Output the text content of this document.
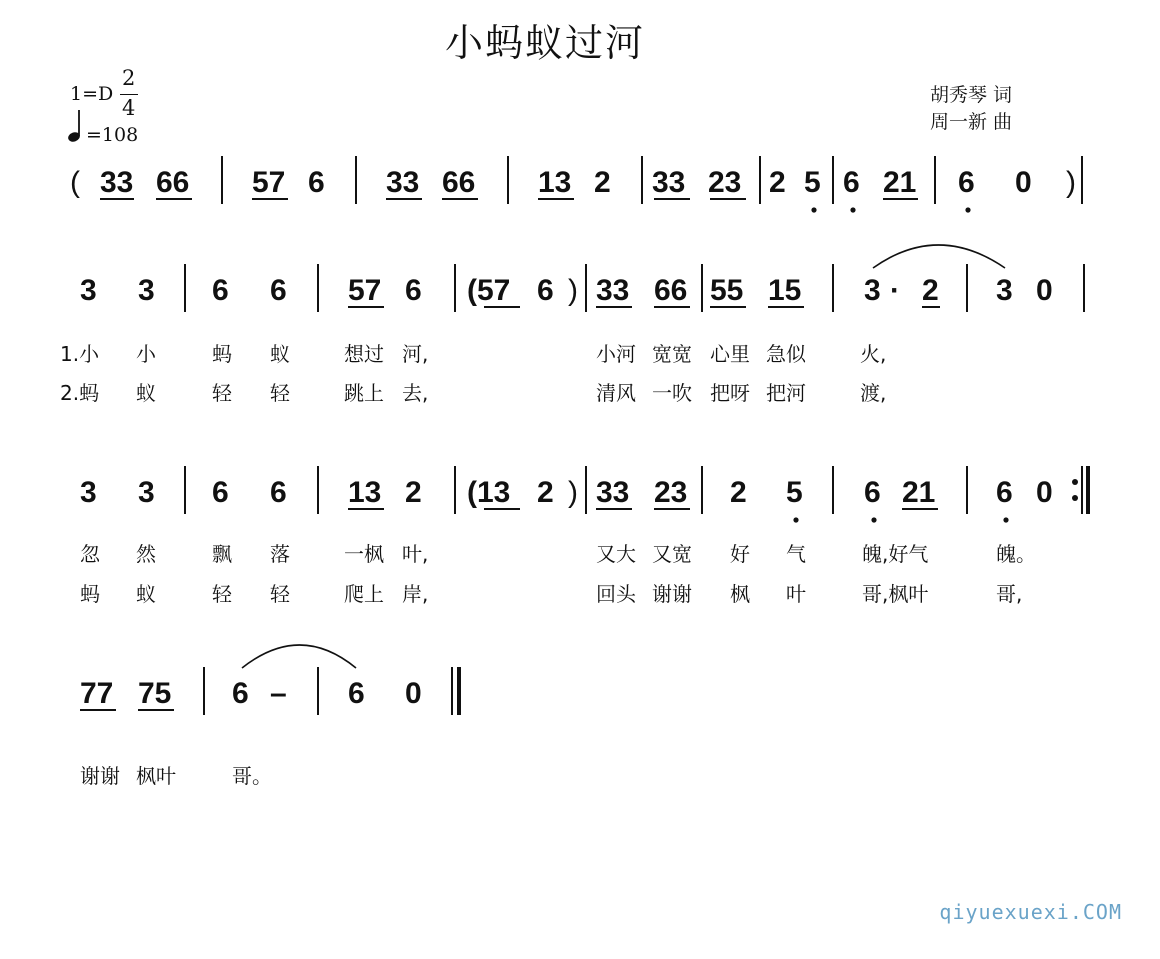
小蚂蚁过河
1=D
2
4
=108
胡秀琴 词
周一新 曲
( 33 66 57 6 33 66 13 2 33 23 2 5 6 21 6 0 )
3 3 6 6 57 6 (57 6 ) 33 66 55 15 3 · 2 3 0
3 3 6 6 13 2 (13 2 ) 33 23 2 5 6 21 6 0
77 75 6 – 6 0
1.小 小	蚂 蚁	想过 河,	小河 宽宽 心里 急似	火,
2.蚂 蚁	轻 轻	跳上 去,	清风 一吹 把呀 把河	渡,
忽 然	飘 落	一枫 叶,	又大 又宽 好 气	魄,好气	魄。
蚂 蚁	轻 轻	爬上 岸,	回头 谢谢 枫 叶	哥,枫叶	哥,
谢谢 枫叶	哥。
qiyuexuexi.COM
